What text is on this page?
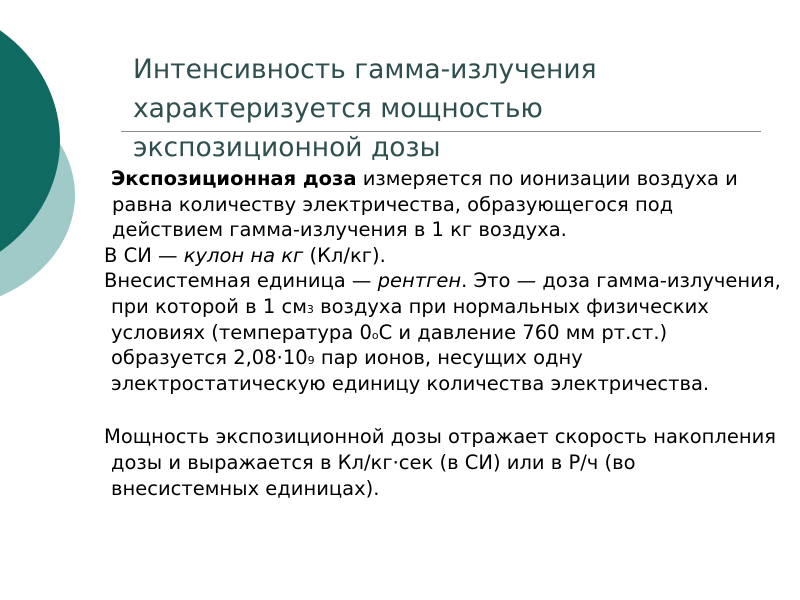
Интенсивность гамма-излучения
характеризуется мощностью
экспозиционной дозы

Экспозиционная доза измеряется по ионизации воздуха и равна количеству электричества, образующегося под действием гамма-излучения в 1 кг воздуха.

В СИ — кулон на кг (Кл/кг).

Внесистемная единица — рентген. Это — доза гамма-излучения, при которой в 1 см3 воздуха при нормальных физических условиях (температура 0оС и давление 760 мм рт.ст.) образуется 2,08·109 пар ионов, несущих одну электростатическую единицу количества электричества.

Мощность экспозиционной дозы отражает скорость накопления дозы и выражается в Кл/кг·сек (в СИ) или в Р/ч (во внесистемных единицах).
